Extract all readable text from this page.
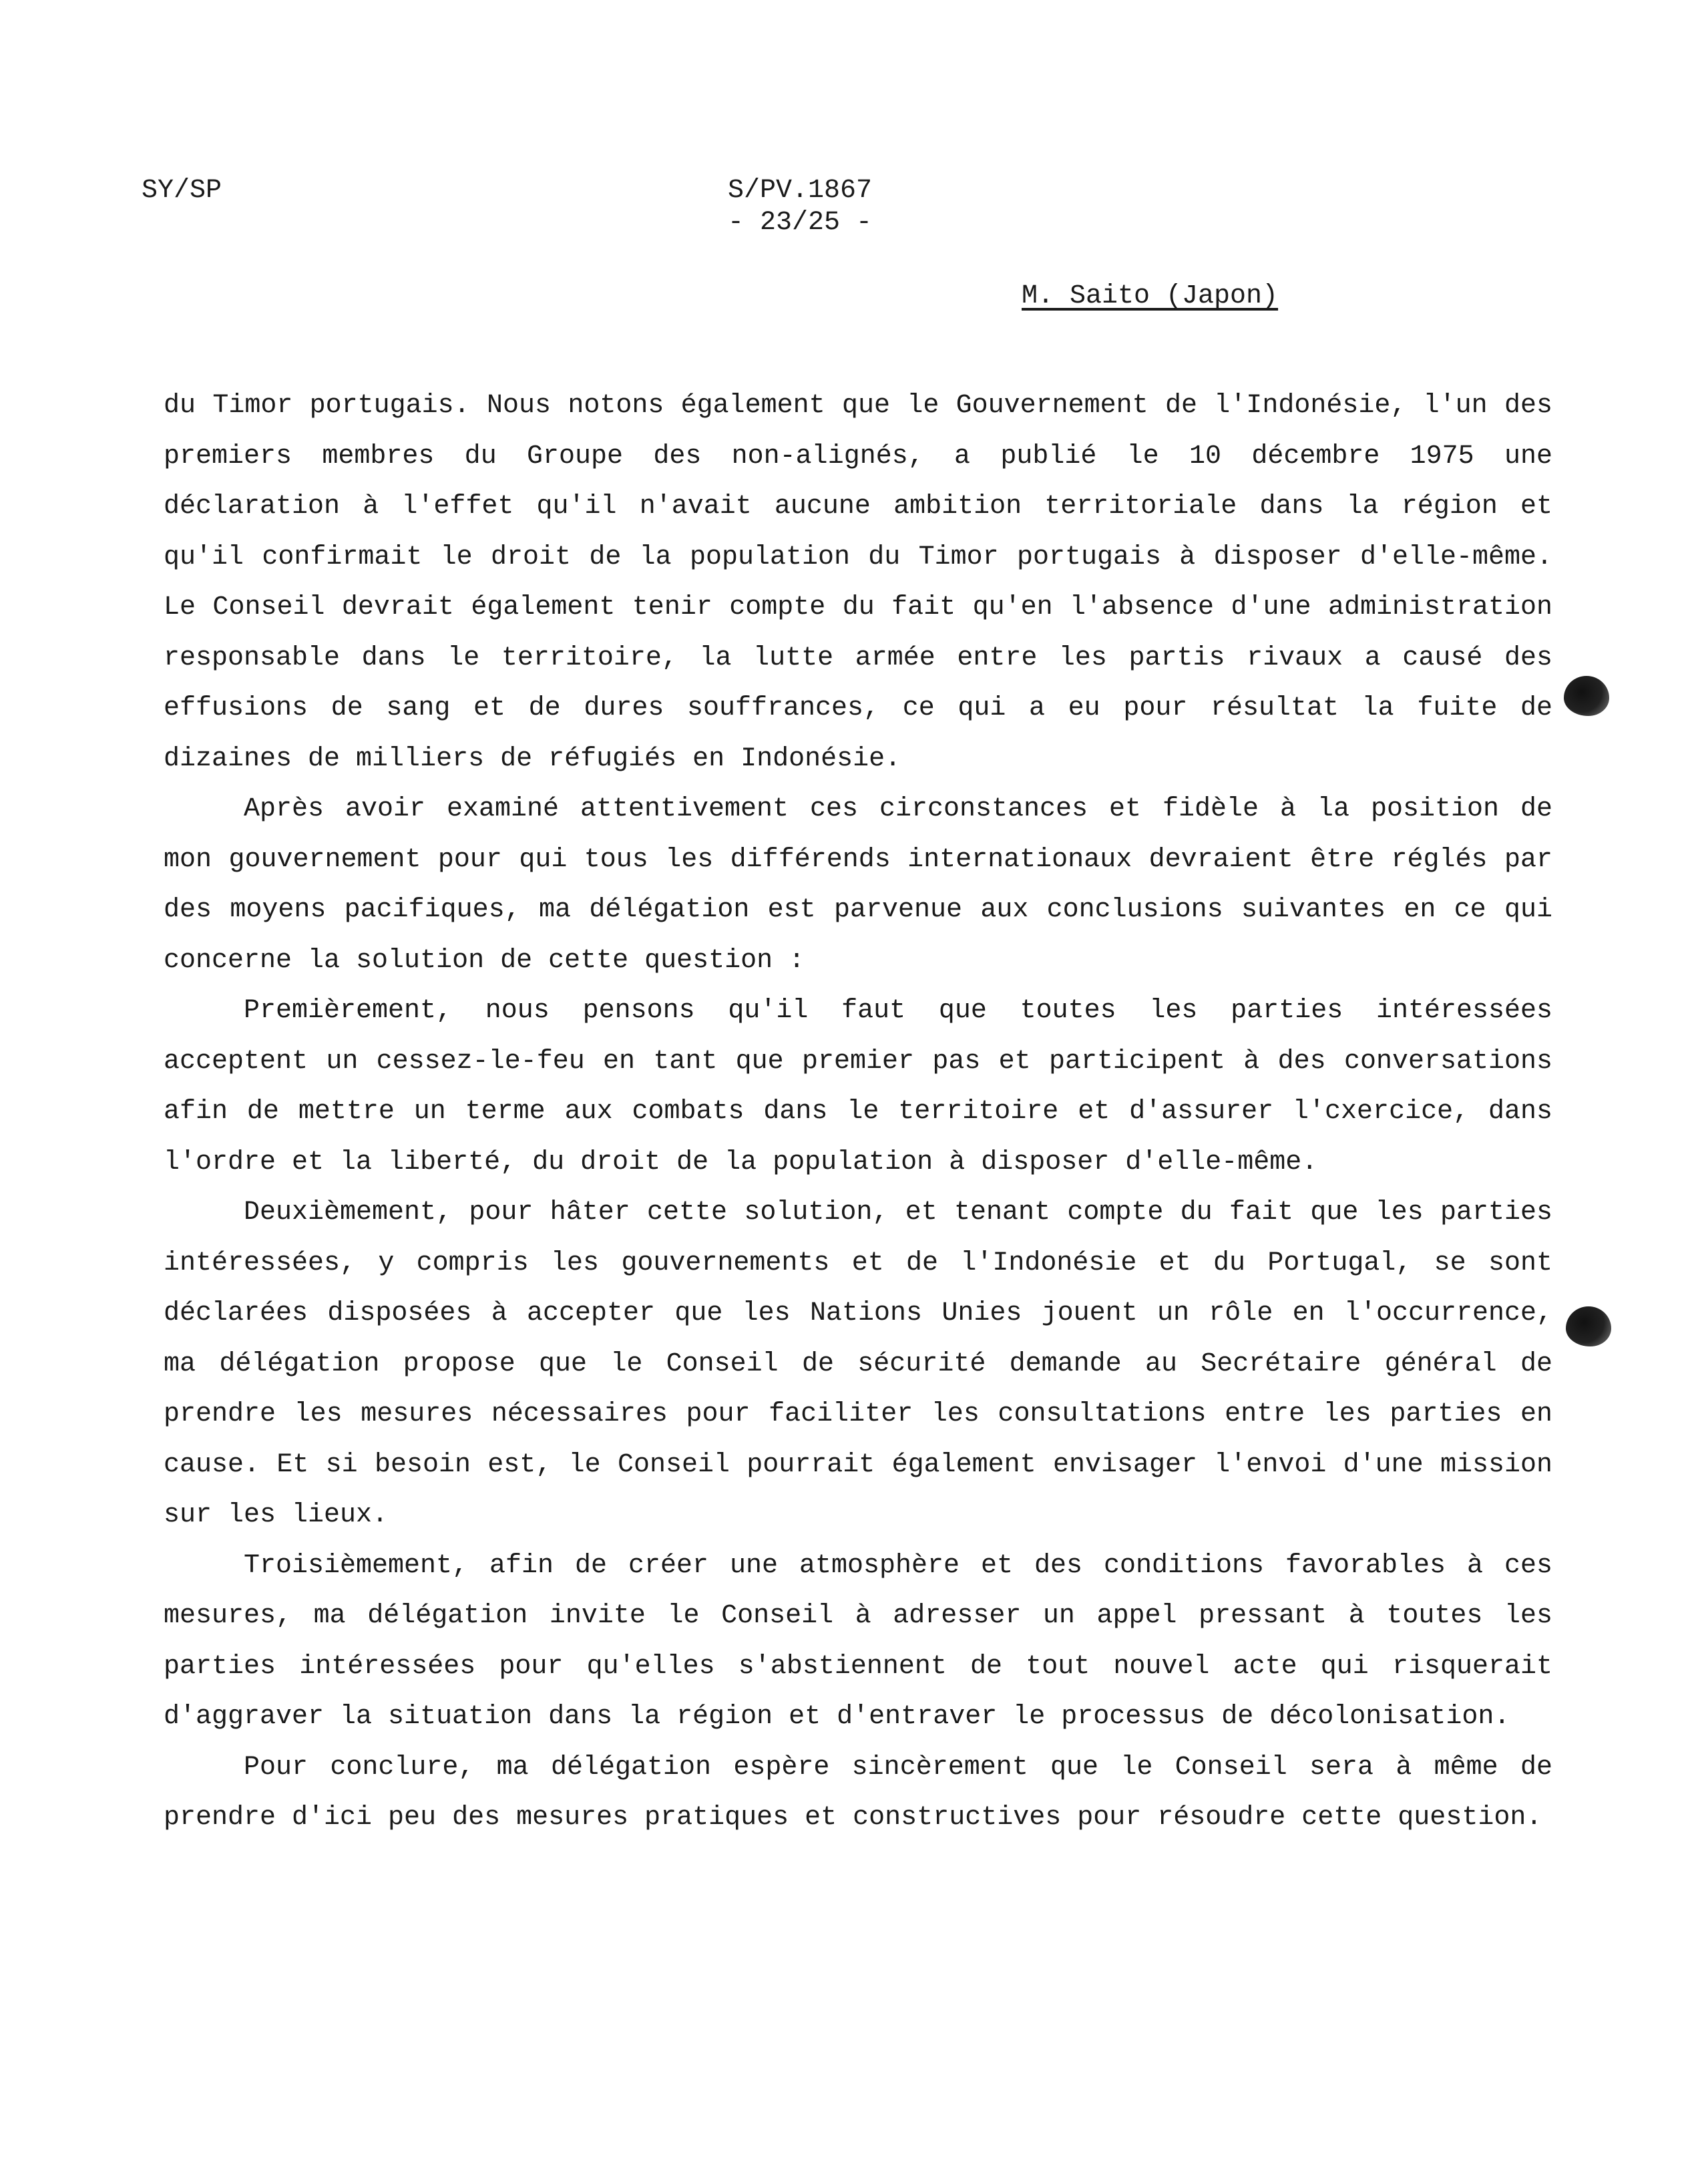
SY/SP	S/PV.1867
- 23/25 -
M. Saito (Japon)

du Timor portugais. Nous notons également que le Gouvernement de l'Indonésie, l'un des premiers membres du Groupe des non-alignés, a publié le 10 décembre 1975 une déclaration à l'effet qu'il n'avait aucune ambition territoriale dans la région et qu'il confirmait le droit de la population du Timor portugais à disposer d'elle-même. Le Conseil devrait également tenir compte du fait qu'en l'absence d'une administration responsable dans le territoire, la lutte armée entre les partis rivaux a causé des effusions de sang et de dures souffrances, ce qui a eu pour résultat la fuite de dizaines de milliers de réfugiés en Indonésie.

Après avoir examiné attentivement ces circonstances et fidèle à la position de mon gouvernement pour qui tous les différends internationaux devraient être réglés par des moyens pacifiques, ma délégation est parvenue aux conclusions suivantes en ce qui concerne la solution de cette question :

Premièrement, nous pensons qu'il faut que toutes les parties intéressées acceptent un cessez-le-feu en tant que premier pas et participent à des conversations afin de mettre un terme aux combats dans le territoire et d'assurer l'cxercice, dans l'ordre et la liberté, du droit de la population à disposer d'elle-même.

Deuxièmement, pour hâter cette solution, et tenant compte du fait que les parties intéressées, y compris les gouvernements et de l'Indonésie et du Portugal, se sont déclarées disposées à accepter que les Nations Unies jouent un rôle en l'occurrence, ma délégation propose que le Conseil de sécurité demande au Secrétaire général de prendre les mesures nécessaires pour faciliter les consultations entre les parties en cause. Et si besoin est, le Conseil pourrait également envisager l'envoi d'une mission sur les lieux.

Troisièmement, afin de créer une atmosphère et des conditions favorables à ces mesures, ma délégation invite le Conseil à adresser un appel pressant à toutes les parties intéressées pour qu'elles s'abstiennent de tout nouvel acte qui risquerait d'aggraver la situation dans la région et d'entraver le processus de décolonisation.

Pour conclure, ma délégation espère sincèrement que le Conseil sera à même de prendre d'ici peu des mesures pratiques et constructives pour résoudre cette question.
